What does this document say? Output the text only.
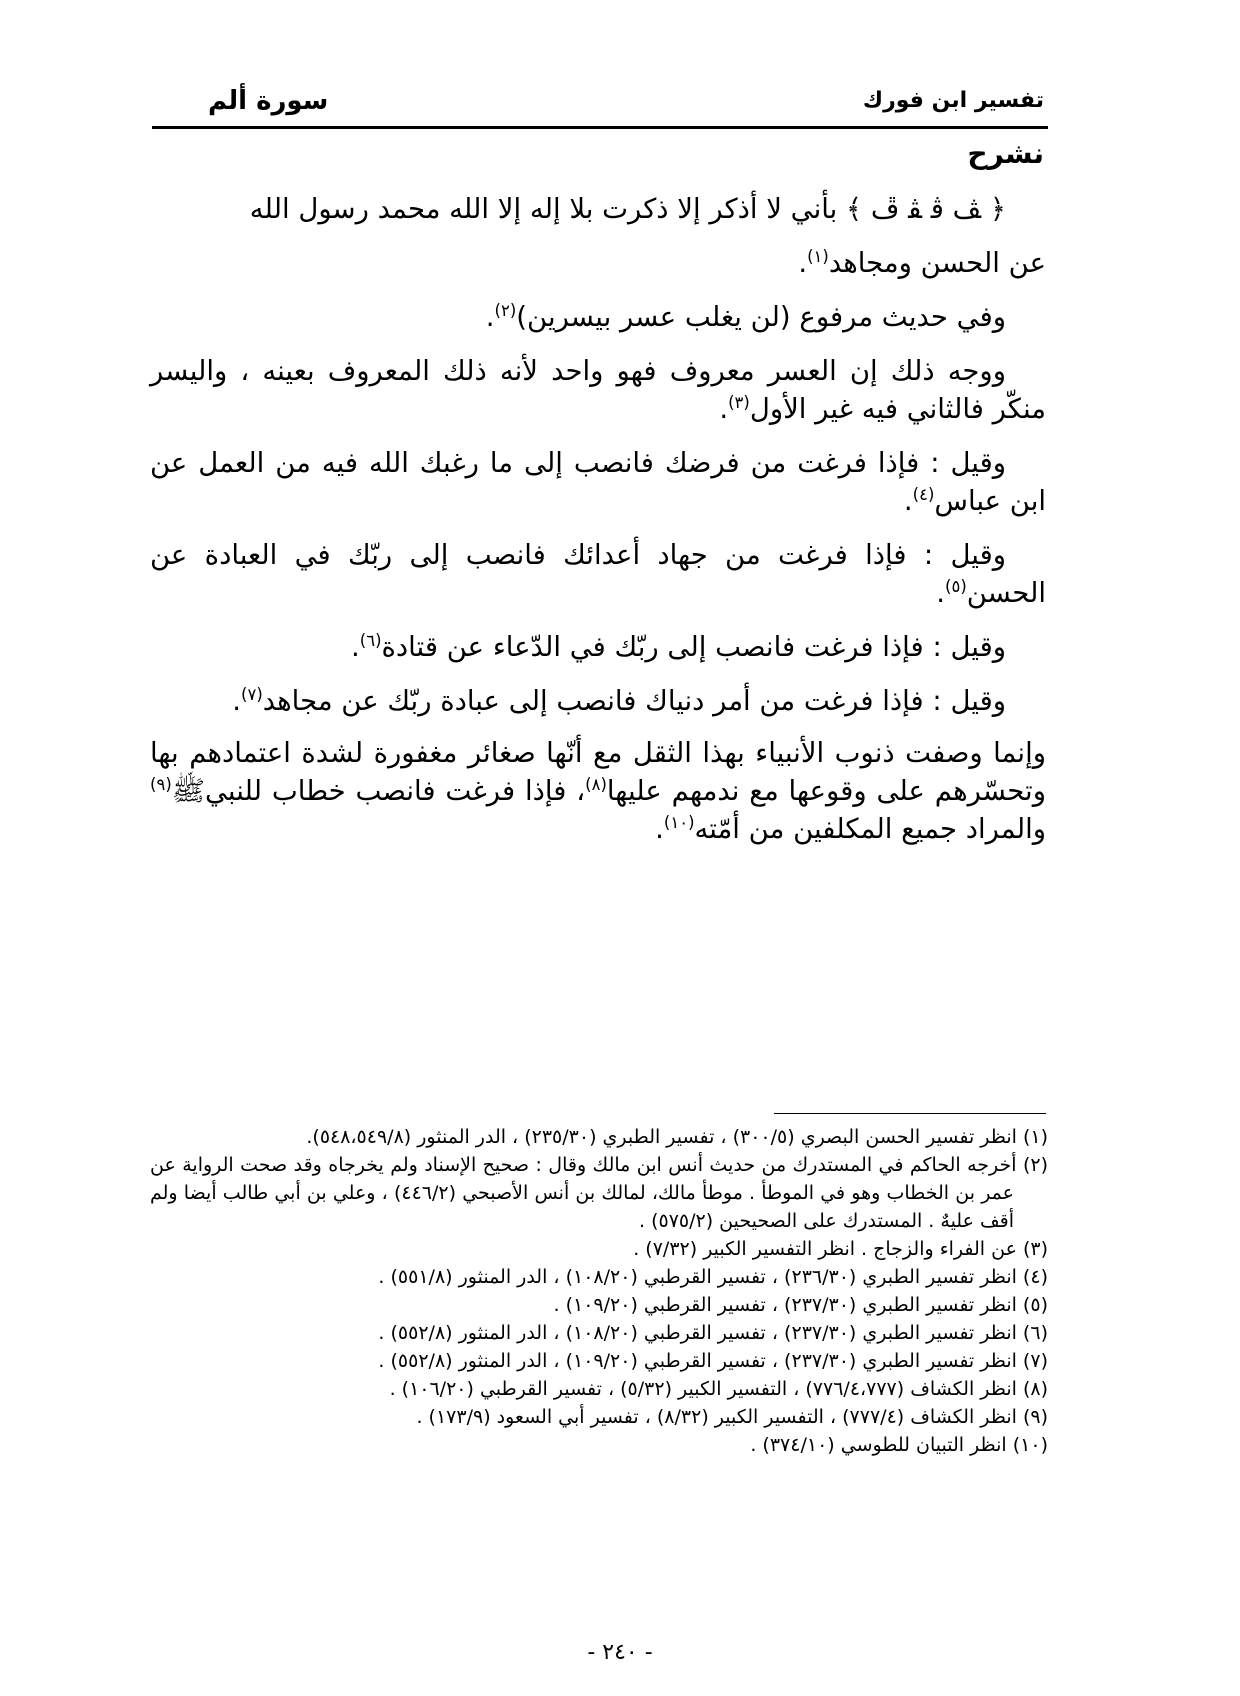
تفسير ابن فورك
سورة ألم
نشرح

﴿ ﭫ ﭬ ﭭ ﭮ ﴾ بأني لا أذكر إلا ذكرت بلا إله إلا الله محمد رسول الله

عن الحسن ومجاهد$^{(١)}$.

وفي حديث مرفوع (لن يغلب عسر بيسرين)$^{(٢)}$.

ووجه ذلك إن العسر معروف فهو واحد لأنه ذلك المعروف بعينه ، واليسر منكّر فالثاني فيه غير الأول$^{(٣)}$.

وقيل : فإذا فرغت من فرضك فانصب إلى ما رغبك الله فيه من العمل عن ابن عباس$^{(٤)}$.

وقيل : فإذا فرغت من جهاد أعدائك فانصب إلى ربّك في العبادة عن الحسن$^{(٥)}$.

وقيل : فإذا فرغت فانصب إلى ربّك في الدّعاء عن قتادة$^{(٦)}$.

وقيل : فإذا فرغت من أمر دنياك فانصب إلى عبادة ربّك عن مجاهد$^{(٧)}$.

وإنما وصفت ذنوب الأنبياء بهذا الثقل مع أنّها صغائر مغفورة لشدة اعتمادهم بها وتحسّرهم على وقوعها مع ندمهم عليها$^{(٨)}$، فإذا فرغت فانصب خطاب للنبيﷺ$^{(٩)}$ والمراد جميع المكلفين من أمّته$^{(١٠)}$.

(١) انظر تفسير الحسن البصري (٣٠٠/٥) ، تفسير الطبري (٢٣٥/٣٠) ، الدر المنثور (٥٤٨،٥٤٩/٨).

(٢) أخرجه الحاكم في المستدرك من حديث أنس ابن مالك وقال : صحيح الإسناد ولم يخرجاه وقد صحت الرواية عن عمر بن الخطاب وهو في الموطأ . موطأ مالك، لمالك بن أنس الأصبحي (٤٤٦/٢) ، وعلي بن أبي طالب أيضا ولم أقف عليهٌ . المستدرك على الصحيحين (٥٧٥/٢) .

(٣) عن الفراء والزجاج . انظر التفسير الكبير (٧/٣٢) .

(٤) انظر تفسير الطبري (٢٣٦/٣٠) ، تفسير القرطبي (١٠٨/٢٠) ، الدر المنثور (٥٥١/٨) .

(٥) انظر تفسير الطبري (٢٣٧/٣٠) ، تفسير القرطبي (١٠٩/٢٠) .

(٦) انظر تفسير الطبري (٢٣٧/٣٠) ، تفسير القرطبي (١٠٨/٢٠) ، الدر المنثور (٥٥٢/٨) .

(٧) انظر تفسير الطبري (٢٣٧/٣٠) ، تفسير القرطبي (١٠٩/٢٠) ، الدر المنثور (٥٥٢/٨) .

(٨) انظر الكشاف (٧٧٦/٤،٧٧٧) ، التفسير الكبير (٥/٣٢) ، تفسير القرطبي (١٠٦/٢٠) .

(٩) انظر الكشاف (٧٧٧/٤) ، التفسير الكبير (٨/٣٢) ، تفسير أبي السعود (١٧٣/٩) .

(١٠) انظر التبيان للطوسي (٣٧٤/١٠) .

- ٢٤٠ -
